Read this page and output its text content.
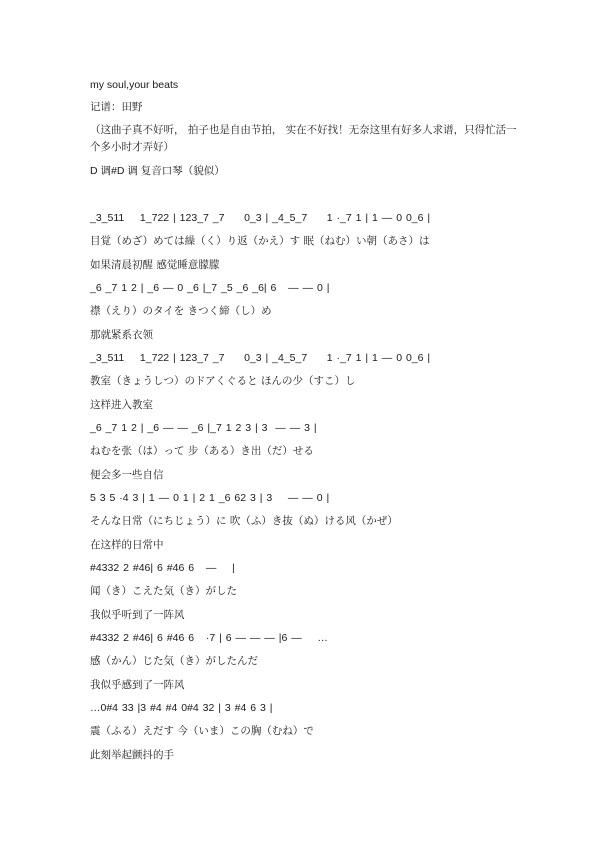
my soul,your beats
记谱：田野
（这曲子真不好听， 拍子也是自由节拍， 实在不好找！无奈这里有好多人求谱，只得忙活一个多小时才弄好）
D 调#D 调 复音口琴（貌似）
_3_511    1_722 | 123_7 _7     0_3 | _4_5_7     1 ·_7 1 | 1 — 0 0_6 |
目覚（めざ）めては繰（く）り返（かえ）す 眠（ねむ）い朝（あさ）は
如果清晨初醒 感觉睡意朦朦
_6 _7 1 2 | _6 — 0 _6 |_7 _5 _6 _6| 6   — — 0 |
襟（えり）のタイを きつく締（し）め
那就紧系衣领
_3_511    1_722 | 123_7 _7     0_3 | _4_5_7     1 ·_7 1 | 1 — 0 0_6 |
教室（きょうしつ）のドアくぐると ほんの少（すこ）し
这样进入教室
_6 _7 1 2 | _6 — — _6 |_7 1 2 3 | 3  — — 3 |
ねむを张（は）って 步（ある）き出（だ）せる
便会多一些自信
5 3 5 ·4 3 | 1 — 0 1 | 2 1 _6 62 3 | 3    — — 0 |
そんな日常（にちじょう）に 吹（ふ）き抜（ぬ）ける风（かぜ）
在这样的日常中
#4332 2 #46| 6 #46 6   —    |
闻（き）こえた気（き）がした
我似乎听到了一阵风
#4332 2 #46| 6 #46 6   ·7 | 6 — — — |6 —    …
感（かん）じた気（き）がしたんだ
我似乎感到了一阵风
…0#4 33 |3 #4 #4 0#4 32 | 3 #4 6 3 |
震（ふる）えだす 今（いま）この胸（むね）で
此刻举起颤抖的手
